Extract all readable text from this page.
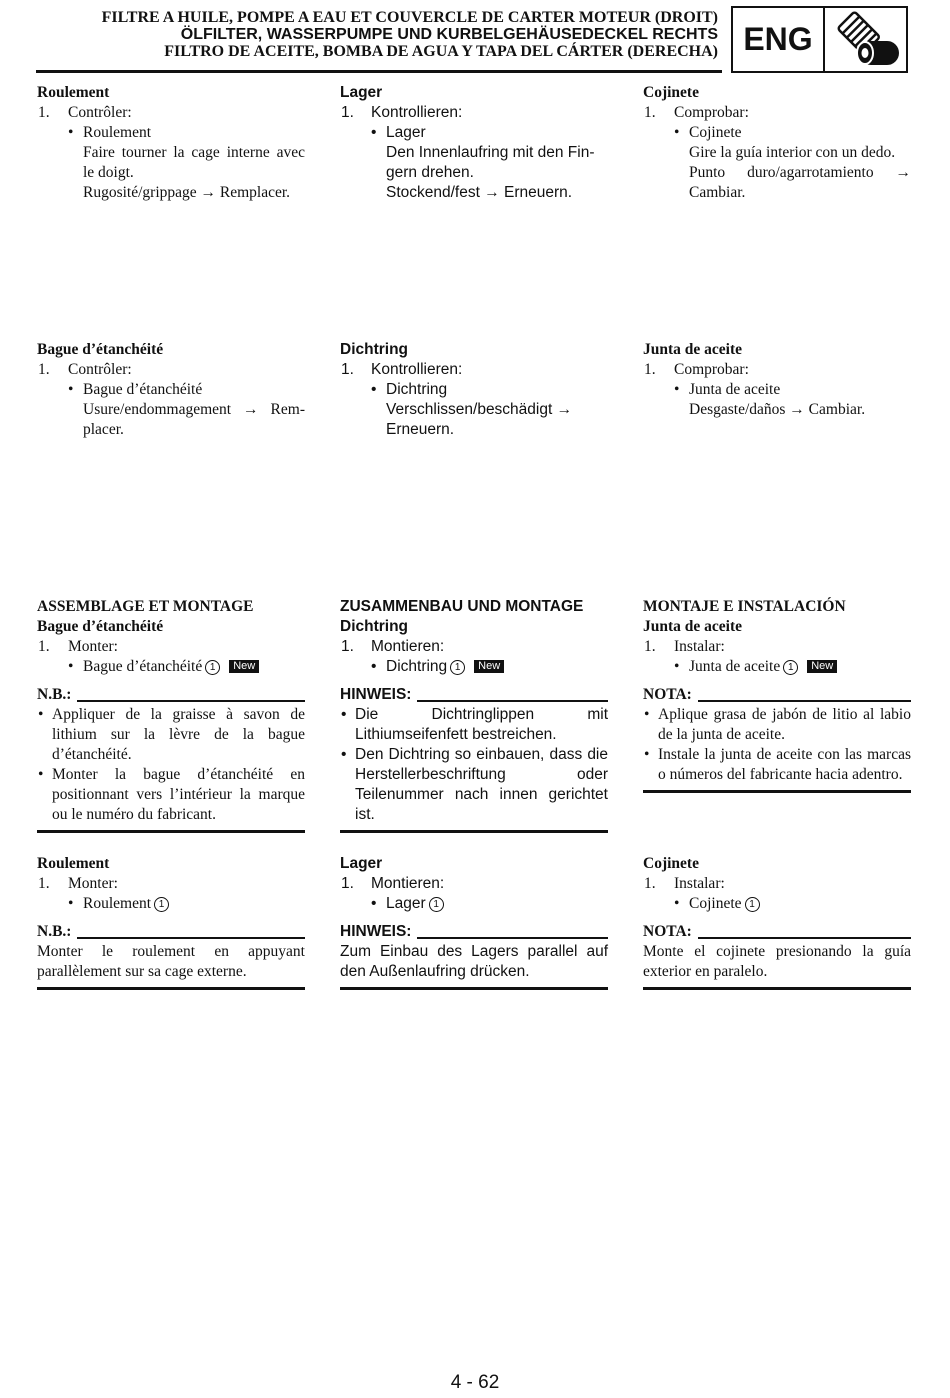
FILTRE A HUILE, POMPE A EAU ET COUVERCLE DE CARTER MOTEUR (DROIT)
ÖLFILTER, WASSERPUMPE UND KURBELGEHÄUSEDECKEL RECHTS
FILTRO DE ACEITE, BOMBA DE AGUA Y TAPA DEL CÁRTER (DERECHA) ENG
Roulement
1. Contrôler:
• Roulement
Faire tourner la cage interne avec
le doigt.
Rugosité/grippage → Remplacer.
Bague d’étanchéité
1. Contrôler:
• Bague d’étanchéité
Usure/endommagement → Rem-
placer.
ASSEMBLAGE ET MONTAGE
Bague d’étanchéité
1. Monter:
• Bague d’étanchéité 1 New
N.B.:
• Appliquer de la graisse à savon de lithium sur la lèvre de la bague d’étanchéité.
• Monter la bague d’étanchéité en positionnant vers l’intérieur la marque ou le numéro du fabricant.
Roulement
1. Monter:
• Roulement 1
N.B.:
Monter le roulement en appuyant parallèlement sur sa cage externe.
Lager
1. Kontrollieren:
• Lager
Den Innenlaufring mit den Fin-
gern drehen.
Stockend/fest → Erneuern.
Dichtring
1. Kontrollieren:
• Dichtring
Verschlissen/beschädigt →
Erneuern.
ZUSAMMENBAU UND MONTAGE
Dichtring
1. Montieren:
• Dichtring 1 New
HINWEIS:
• Die Dichtringlippen mit Lithiumseifenfett bestreichen.
• Den Dichtring so einbauen, dass die Herstellerbeschriftung oder Teilenummer nach innen gerichtet ist.
Lager
1. Montieren:
• Lager 1
HINWEIS:
Zum Einbau des Lagers parallel auf den Außenlaufring drücken.
Cojinete
1. Comprobar:
• Cojinete
Gire la guía interior con un dedo.
Punto duro/agarrotamiento →
Cambiar.
Junta de aceite
1. Comprobar:
• Junta de aceite
Desgaste/daños → Cambiar.
MONTAJE E INSTALACIÓN
Junta de aceite
1. Instalar:
• Junta de aceite 1 New
NOTA:
• Aplique grasa de jabón de litio al labio de la junta de aceite.
• Instale la junta de aceite con las marcas o números del fabricante hacia adentro.
Cojinete
1. Instalar:
• Cojinete 1
NOTA:
Monte el cojinete presionando la guía exterior en paralelo.
4 - 62
